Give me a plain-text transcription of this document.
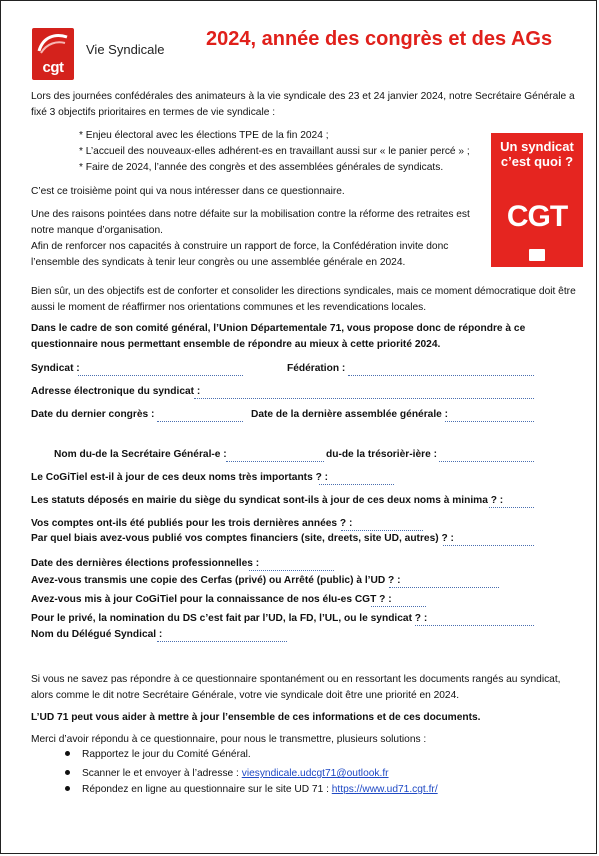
cgt
Vie Syndicale 2024, année des congrès et des AGs
Lors des journées confédérales des animateurs à la vie syndicale des 23 et 24 janvier 2024, notre Secrétaire Générale a fixé 3 objectifs prioritaires en termes de vie syndicale :
* Enjeu électoral avec les élections TPE de la fin 2024 ;
* L’accueil des nouveaux-elles adhérent-es en travaillant aussi sur « le panier percé » ;
* Faire de 2024, l’année des congrès et des assemblées générales de syndicats.
Un syndicat c’est quoi ?
CGT
C’est ce troisième point qui va nous intéresser dans ce questionnaire.
Une des raisons pointées dans notre défaite sur la mobilisation contre la réforme des retraites est notre manque d’organisation.
Afin de renforcer nos capacités à construire un rapport de force, la Confédération invite donc l’ensemble des syndicats à tenir leur congrès ou une assemblée générale en 2024.
Bien sûr, un des objectifs est de conforter et consolider les directions syndicales, mais ce moment démocratique doit être aussi le moment de réaffirmer nos orientations communes et les revendications locales.
Dans le cadre de son comité général, l’Union Départementale 71, vous propose donc de répondre à ce questionnaire nous permettant ensemble de répondre au mieux à cette priorité 2024.
Syndicat :	Fédération :
Adresse électronique du syndicat :
Date du dernier congrès :	Date de la dernière assemblée générale :
Nom du-de la Secrétaire Général-e :	du-de la trésorièr-ière :
Le CoGiTiel est-il à jour de ces deux noms très importants ? :
Les statuts déposés en mairie du siège du syndicat sont-ils à jour de ces deux noms à minima ? :
Vos comptes ont-ils été publiés pour les trois dernières années ? :
Par quel biais avez-vous publié vos comptes financiers (site, dreets, site UD, autres) ? :
Date des dernières élections professionnelles :
Avez-vous transmis une copie des Cerfas (privé) ou Arrêté (public) à l’UD ? :
Avez-vous mis à jour CoGiTiel pour la connaissance de nos élu-es CGT ? :
Pour le privé, la nomination du DS c’est fait par l’UD, la FD, l’UL, ou le syndicat ? :
Nom du Délégué Syndical :
Si vous ne savez pas répondre à ce questionnaire spontanément ou en ressortant les documents rangés au syndicat, alors comme le dit notre Secrétaire Générale, votre vie syndicale doit être une priorité en 2024.
L’UD 71 peut vous aider à mettre à jour l’ensemble de ces informations et de ces documents.
Merci d’avoir répondu à ce questionnaire, pour nous le transmettre, plusieurs solutions :
Rapportez le jour du Comité Général.
Scanner le et envoyer à l’adresse : viesyndicale.udcgt71@outlook.fr
Répondez en ligne au questionnaire sur le site UD 71 : https://www.ud71.cgt.fr/
